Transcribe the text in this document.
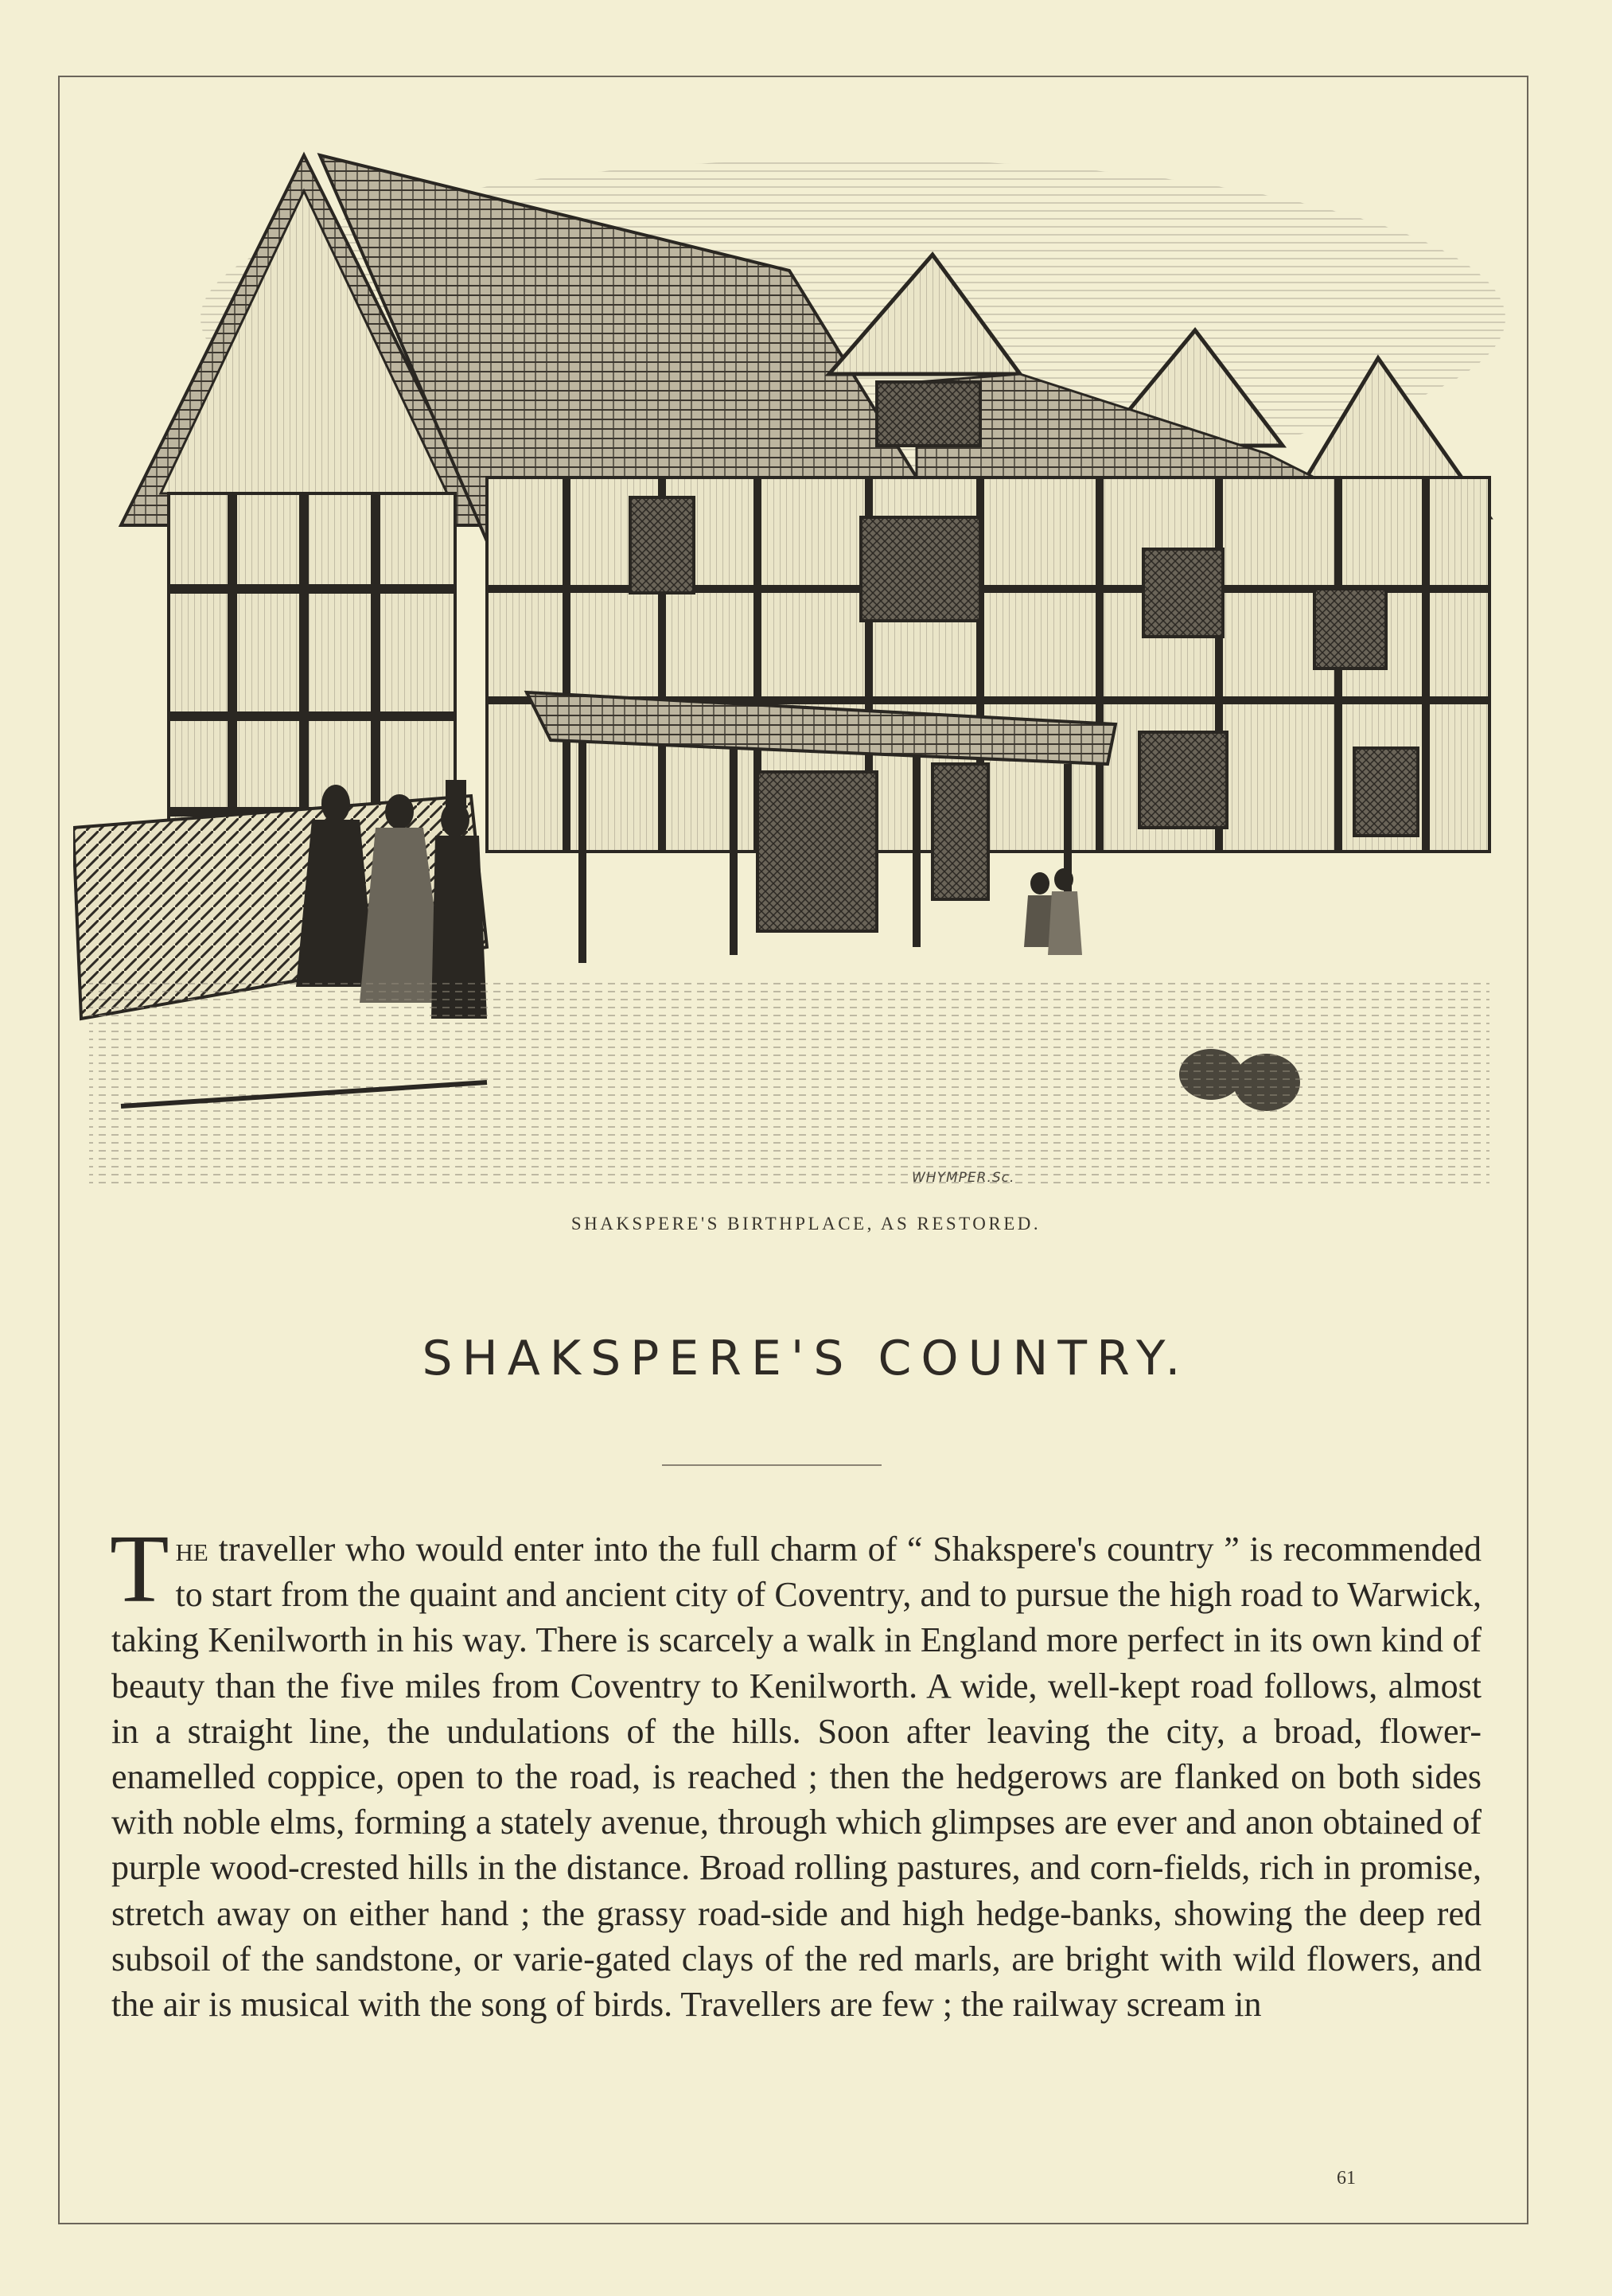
WHYMPER.Sc.
SHAKSPERE'S BIRTHPLACE, AS RESTORED.
SHAKSPERE'S COUNTRY.
The traveller who would enter into the full charm of “ Shakspere's country ” is recommended to start from the quaint and ancient city of Coventry, and to pursue the high road to Warwick, taking Kenilworth in his way. There is scarcely a walk in England more perfect in its own kind of beauty than the five miles from Coventry to Kenilworth. A wide, well-kept road follows, almost in a straight line, the undulations of the hills. Soon after leaving the city, a broad, flower-enamelled coppice, open to the road, is reached ; then the hedgerows are flanked on both sides with noble elms, forming a stately avenue, through which glimpses are ever and anon obtained of purple wood-crested hills in the distance. Broad rolling pastures, and corn-fields, rich in promise, stretch away on either hand ; the grassy road-side and high hedge-banks, showing the deep red subsoil of the sandstone, or varie-gated clays of the red marls, are bright with wild flowers, and the air is musical with the song of birds. Travellers are few ; the railway scream in
61
